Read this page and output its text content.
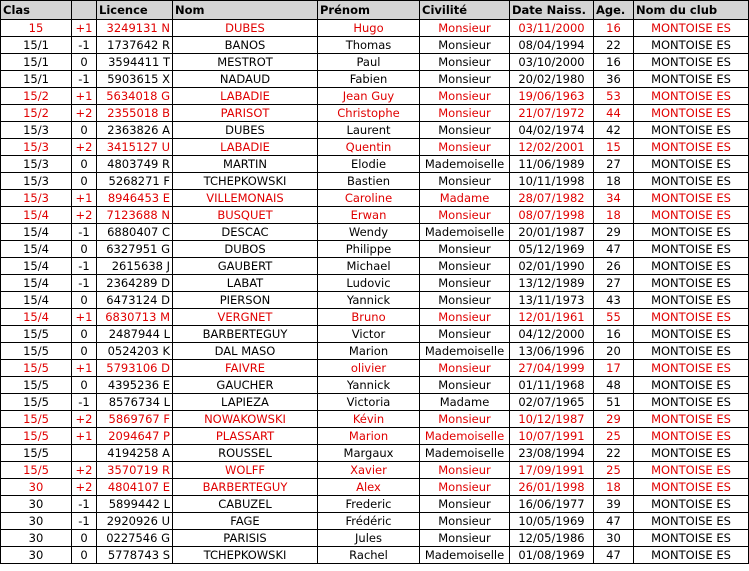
Clas		Licence	Nom	Prénom	Civilité	Date Naiss.	Age.	Nom du club
15	+1	3249131 N	DUBES	Hugo	Monsieur	03/11/2000	16	MONTOISE ES
15/1	-1	1737642 R	BANOS	Thomas	Monsieur	08/04/1994	22	MONTOISE ES
15/1	0	3594411 T	MESTROT	Paul	Monsieur	03/10/2000	16	MONTOISE ES
15/1	-1	5903615 X	NADAUD	Fabien	Monsieur	20/02/1980	36	MONTOISE ES
15/2	+1	5634018 G	LABADIE	Jean Guy	Monsieur	19/06/1963	53	MONTOISE ES
15/2	+2	2355018 B	PARISOT	Christophe	Monsieur	21/07/1972	44	MONTOISE ES
15/3	0	2363826 A	DUBES	Laurent	Monsieur	04/02/1974	42	MONTOISE ES
15/3	+2	3415127 U	LABADIE	Quentin	Monsieur	12/02/2001	15	MONTOISE ES
15/3	0	4803749 R	MARTIN	Elodie	Mademoiselle	11/06/1989	27	MONTOISE ES
15/3	0	5268271 F	TCHEPKOWSKI	Bastien	Monsieur	10/11/1998	18	MONTOISE ES
15/3	+1	8946453 E	VILLEMONAIS	Caroline	Madame	28/07/1982	34	MONTOISE ES
15/4	+2	7123688 N	BUSQUET	Erwan	Monsieur	08/07/1998	18	MONTOISE ES
15/4	-1	6880407 C	DESCAC	Wendy	Mademoiselle	20/01/1987	29	MONTOISE ES
15/4	0	6327951 G	DUBOS	Philippe	Monsieur	05/12/1969	47	MONTOISE ES
15/4	-1	2615638 J	GAUBERT	Michael	Monsieur	02/01/1990	26	MONTOISE ES
15/4	-1	2364289 D	LABAT	Ludovic	Monsieur	13/12/1989	27	MONTOISE ES
15/4	0	6473124 D	PIERSON	Yannick	Monsieur	13/11/1973	43	MONTOISE ES
15/4	+1	6830713 M	VERGNET	Bruno	Monsieur	12/01/1961	55	MONTOISE ES
15/5	0	2487944 L	BARBERTEGUY	Victor	Monsieur	04/12/2000	16	MONTOISE ES
15/5	0	0524203 K	DAL MASO	Marion	Mademoiselle	13/06/1996	20	MONTOISE ES
15/5	+1	5793106 D	FAIVRE	olivier	Monsieur	27/04/1999	17	MONTOISE ES
15/5	0	4395236 E	GAUCHER	Yannick	Monsieur	01/11/1968	48	MONTOISE ES
15/5	-1	8576734 L	LAPIEZA	Victoria	Madame	02/07/1965	51	MONTOISE ES
15/5	+2	5869767 F	NOWAKOWSKI	Kévin	Monsieur	10/12/1987	29	MONTOISE ES
15/5	+1	2094647 P	PLASSART	Marion	Mademoiselle	10/07/1991	25	MONTOISE ES
15/5		4194258 A	ROUSSEL	Margaux	Mademoiselle	23/08/1994	22	MONTOISE ES
15/5	+2	3570719 R	WOLFF	Xavier	Monsieur	17/09/1991	25	MONTOISE ES
30	+2	4804107 E	BARBERTEGUY	Alex	Monsieur	26/01/1998	18	MONTOISE ES
30	-1	5899442 L	CABUZEL	Frederic	Monsieur	16/06/1977	39	MONTOISE ES
30	-1	2920926 U	FAGE	Frédéric	Monsieur	10/05/1969	47	MONTOISE ES
30	0	0227546 G	PARISIS	Jules	Monsieur	12/05/1986	30	MONTOISE ES
30	0	5778743 S	TCHEPKOWSKI	Rachel	Mademoiselle	01/08/1969	47	MONTOISE ES
